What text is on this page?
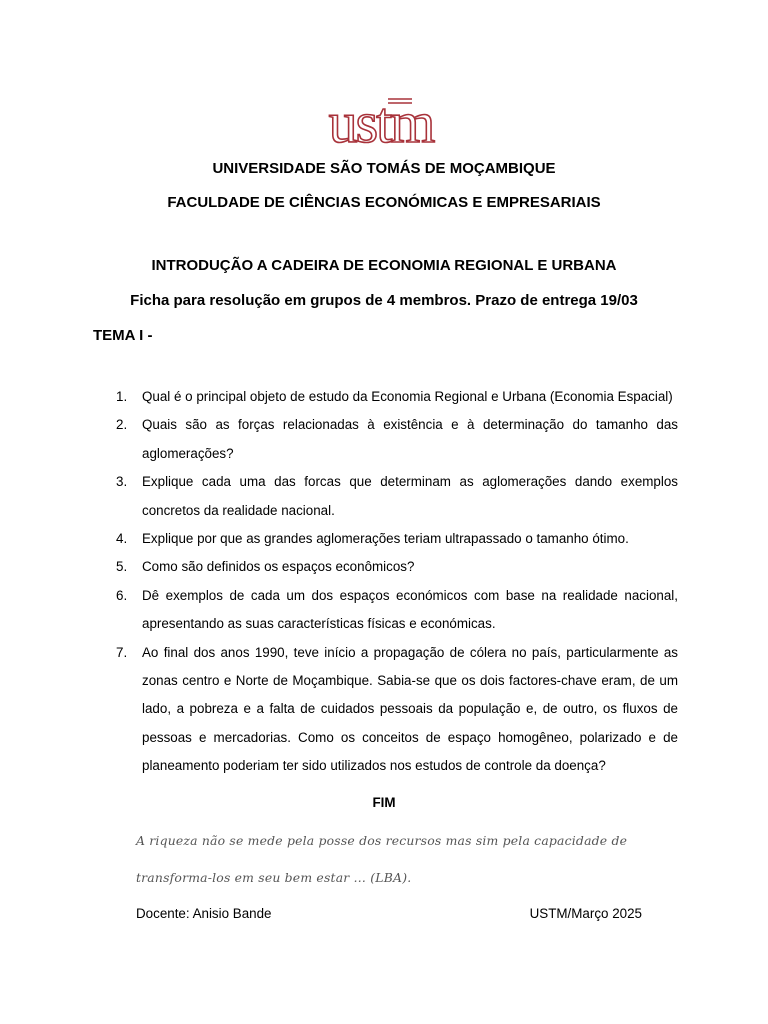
ustm
UNIVERSIDADE SÃO TOMÁS DE MOÇAMBIQUE
FACULDADE DE CIÊNCIAS ECONÓMICAS E EMPRESARIAIS
INTRODUÇÃO A CADEIRA DE ECONOMIA REGIONAL E URBANA
Ficha para resolução em grupos de 4 membros. Prazo de entrega 19/03
TEMA I -
1. Qual é o principal objeto de estudo da Economia Regional e Urbana (Economia Espacial)
2. Quais são as forças relacionadas à existência e à determinação do tamanho das aglomerações?
3. Explique cada uma das forcas que determinam as aglomerações dando exemplos concretos da realidade nacional.
4. Explique por que as grandes aglomerações teriam ultrapassado o tamanho ótimo.
5. Como são definidos os espaços econômicos?
6. Dê exemplos de cada um dos espaços económicos com base na realidade nacional, apresentando as suas características físicas e económicas.
7. Ao final dos anos 1990, teve início a propagação de cólera no país, particularmente as zonas centro e Norte de Moçambique. Sabia-se que os dois factores-chave eram, de um lado, a pobreza e a falta de cuidados pessoais da população e, de outro, os fluxos de pessoas e mercadorias. Como os conceitos de espaço homogêneo, polarizado e de planeamento poderiam ter sido utilizados nos estudos de controle da doença?
FIM
A riqueza não se mede pela posse dos recursos mas sim pela capacidade de transforma-los em seu bem estar … (LBA).
Docente: Anisio Bande	USTM/Março 2025
